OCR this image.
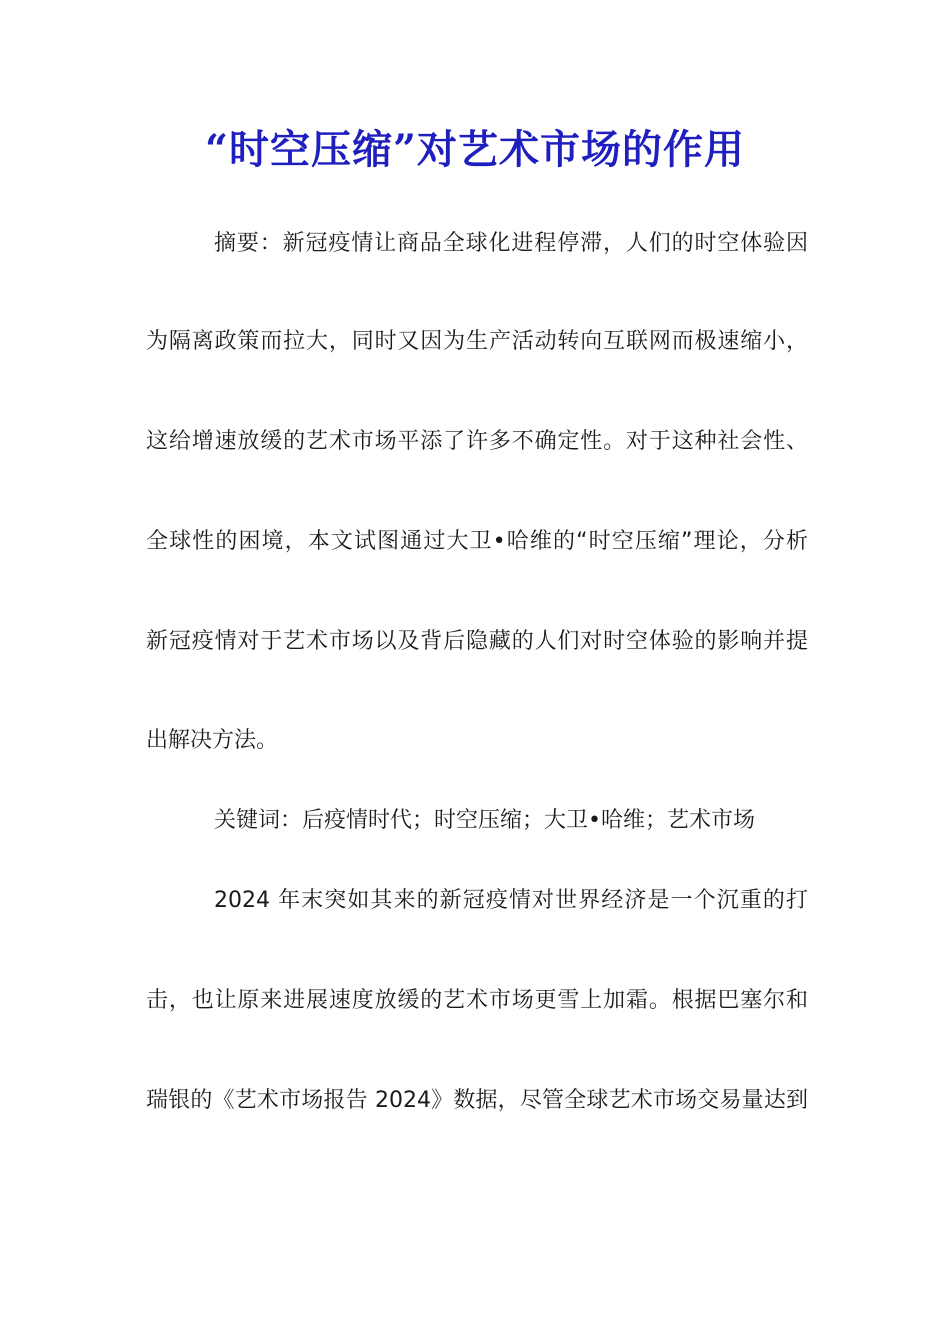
“时空压缩”对艺术市场的作用
摘要：新冠疫情让商品全球化进程停滞，人们的时空体验因
为隔离政策而拉大，同时又因为生产活动转向互联网而极速缩小，
这给增速放缓的艺术市场平添了许多不确定性。对于这种社会性、
全球性的困境，本文试图通过大卫•哈维的“时空压缩”理论，分析
新冠疫情对于艺术市场以及背后隐藏的人们对时空体验的影响并提
出解决方法。
关键词：后疫情时代；时空压缩；大卫•哈维；艺术市场
2024 年末突如其来的新冠疫情对世界经济是一个沉重的打
击，也让原来进展速度放缓的艺术市场更雪上加霜。根据巴塞尔和
瑞银的《艺术市场报告 2024》数据，尽管全球艺术市场交易量达到
